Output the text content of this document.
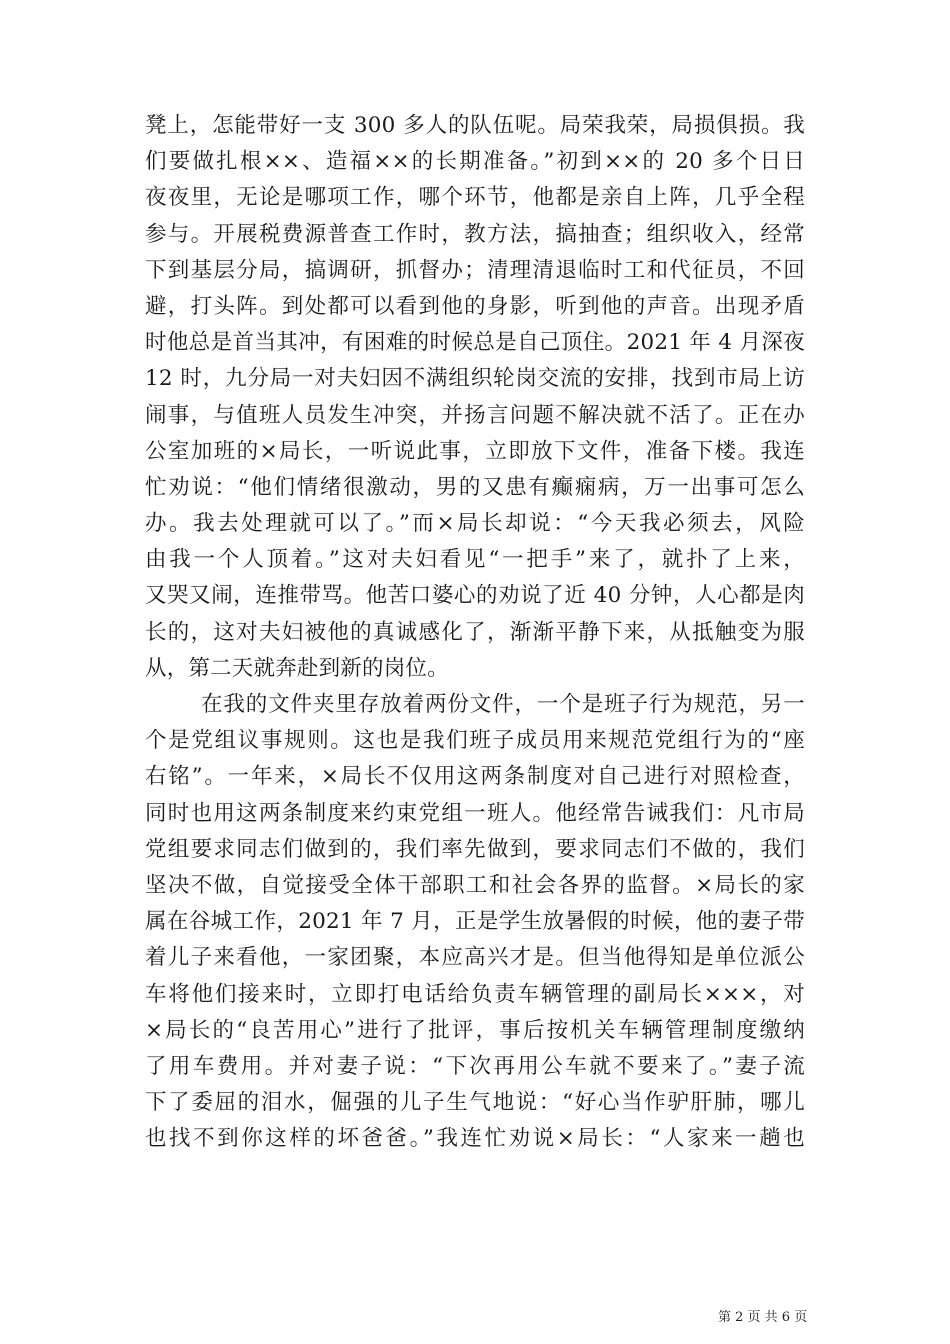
凳上，怎能带好一支 300 多人的队伍呢。局荣我荣，局损俱损。我
们要做扎根××、造福××的长期准备。”初到××的 20 多个日日
夜夜里，无论是哪项工作，哪个环节，他都是亲自上阵，几乎全程
参与。开展税费源普查工作时，教方法，搞抽查；组织收入，经常
下到基层分局，搞调研，抓督办；清理清退临时工和代征员，不回
避，打头阵。到处都可以看到他的身影，听到他的声音。出现矛盾
时他总是首当其冲，有困难的时候总是自己顶住。2021 年 4 月深夜
12 时，九分局一对夫妇因不满组织轮岗交流的安排，找到市局上访
闹事，与值班人员发生冲突，并扬言问题不解决就不活了。正在办
公室加班的×局长，一听说此事，立即放下文件，准备下楼。我连
忙劝说：“他们情绪很激动，男的又患有癫痫病，万一出事可怎么
办。我去处理就可以了。”而×局长却说：“今天我必须去，风险
由我一个人顶着。”这对夫妇看见“一把手”来了，就扑了上来，
又哭又闹，连推带骂。他苦口婆心的劝说了近 40 分钟，人心都是肉
长的，这对夫妇被他的真诚感化了，渐渐平静下来，从抵触变为服
从，第二天就奔赴到新的岗位。
在我的文件夹里存放着两份文件，一个是班子行为规范，另一
个是党组议事规则。这也是我们班子成员用来规范党组行为的“座
右铭”。一年来，×局长不仅用这两条制度对自己进行对照检查，
同时也用这两条制度来约束党组一班人。他经常告诫我们：凡市局
党组要求同志们做到的，我们率先做到，要求同志们不做的，我们
坚决不做，自觉接受全体干部职工和社会各界的监督。×局长的家
属在谷城工作，2021 年 7 月，正是学生放暑假的时候，他的妻子带
着儿子来看他，一家团聚，本应高兴才是。但当他得知是单位派公
车将他们接来时，立即打电话给负责车辆管理的副局长×××，对
×局长的“良苦用心”进行了批评，事后按机关车辆管理制度缴纳
了用车费用。并对妻子说：“下次再用公车就不要来了。”妻子流
下了委屈的泪水，倔强的儿子生气地说：“好心当作驴肝肺，哪儿
也找不到你这样的坏爸爸。”我连忙劝说×局长：“人家来一趟也
第 2 页 共 6 页
